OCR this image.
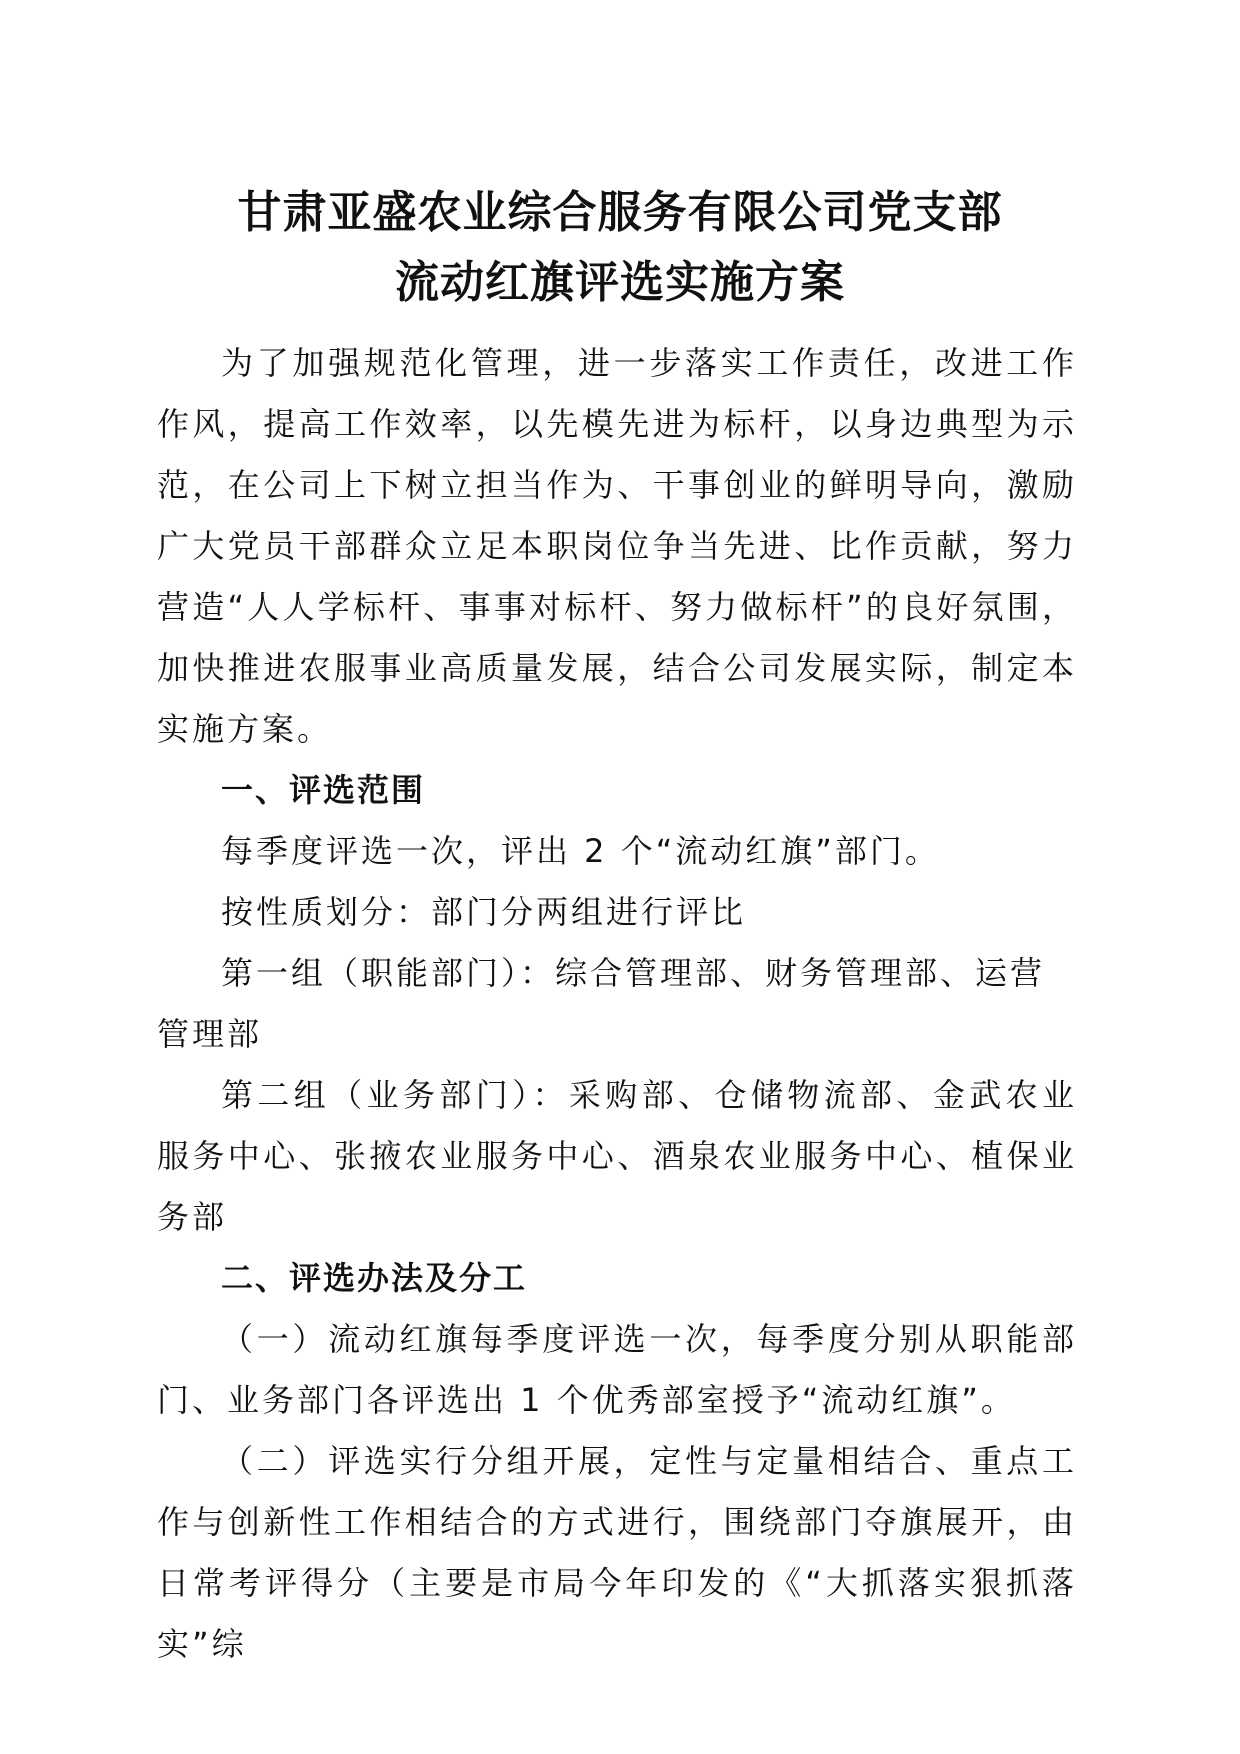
甘肃亚盛农业综合服务有限公司党支部
流动红旗评选实施方案

为了加强规范化管理，进一步落实工作责任，改进工作作风，提高工作效率，以先模先进为标杆，以身边典型为示范，在公司上下树立担当作为、干事创业的鲜明导向，激励广大党员干部群众立足本职岗位争当先进、比作贡献，努力营造“人人学标杆、事事对标杆、努力做标杆”的良好氛围，加快推进农服事业高质量发展，结合公司发展实际，制定本实施方案。

一、评选范围

每季度评选一次，评出 2 个“流动红旗”部门。

按性质划分：部门分两组进行评比

第一组（职能部门）：综合管理部、财务管理部、运营管理部

第二组（业务部门）：采购部、仓储物流部、金武农业服务中心、张掖农业服务中心、酒泉农业服务中心、植保业务部

二、评选办法及分工

（一）流动红旗每季度评选一次，每季度分别从职能部门、业务部门各评选出 1 个优秀部室授予“流动红旗”。

（二）评选实行分组开展，定性与定量相结合、重点工作与创新性工作相结合的方式进行，围绕部门夺旗展开，由日常考评得分（主要是市局今年印发的《“大抓落实狠抓落实”综
